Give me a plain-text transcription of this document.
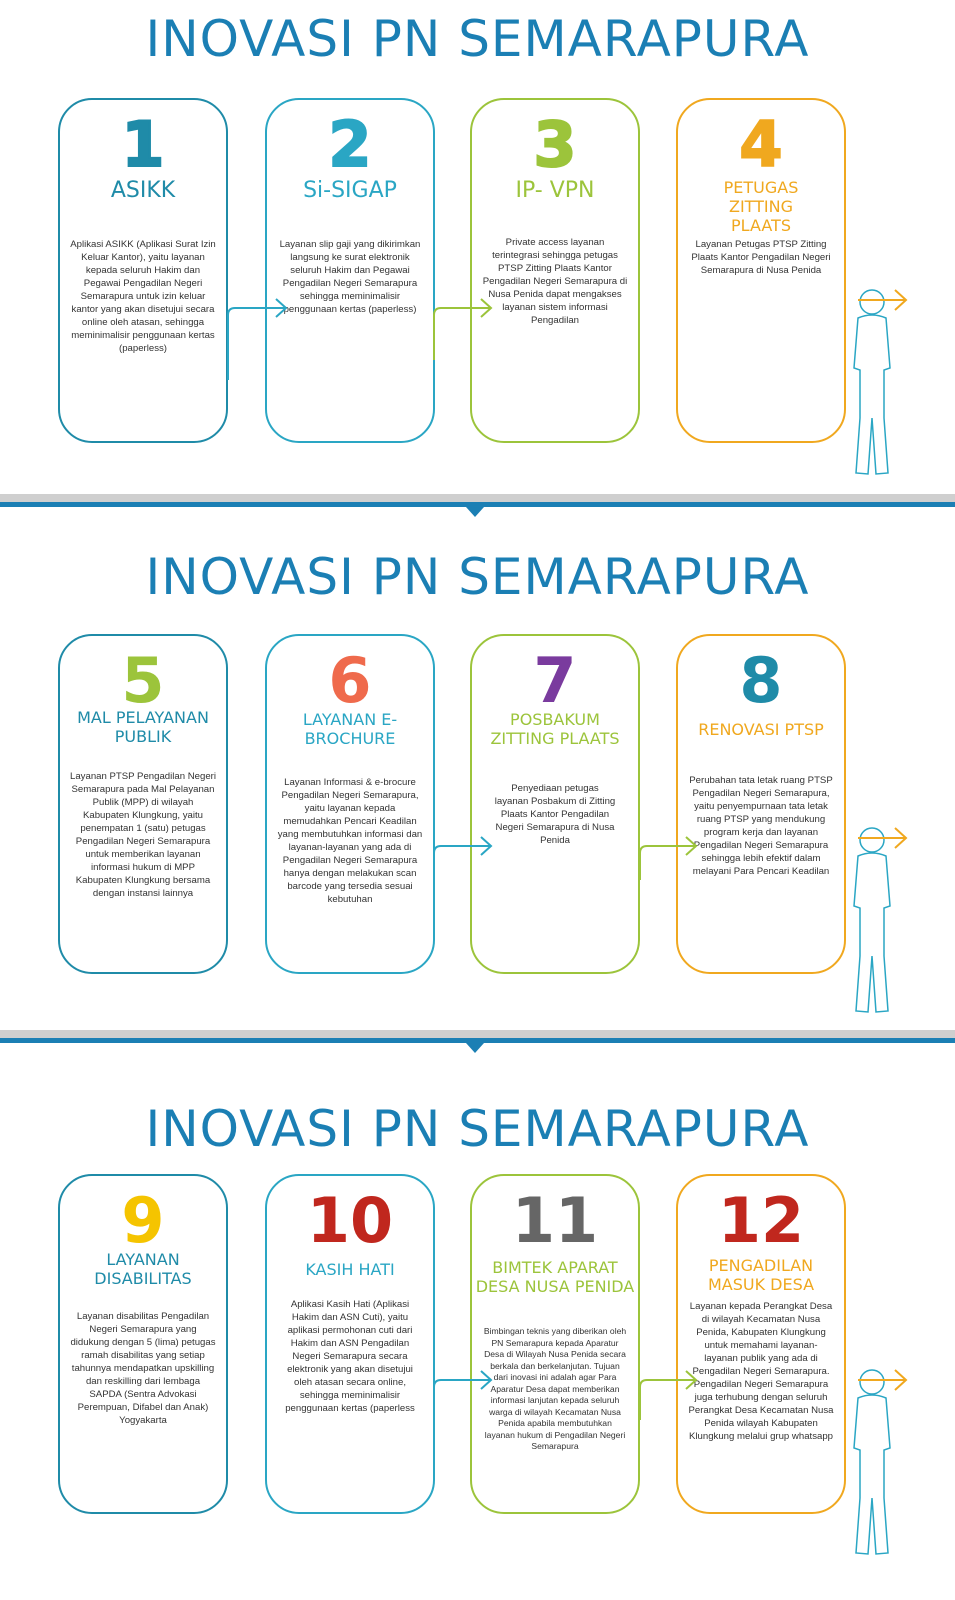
INOVASI PN SEMARAPURA
1
ASIKK
Aplikasi ASIKK (Aplikasi Surat Izin Keluar Kantor), yaitu layanan kepada seluruh Hakim dan Pegawai Pengadilan Negeri Semarapura untuk izin keluar kantor yang akan disetujui secara online oleh atasan, sehingga meminimalisir penggunaan kertas (paperless)
2
Si-SIGAP
Layanan slip gaji yang dikirimkan langsung ke surat elektronik seluruh Hakim dan Pegawai Pengadilan Negeri Semarapura sehingga meminimalisir penggunaan kertas (paperless)
3
IP- VPN
Private access layanan terintegrasi sehingga petugas PTSP Zitting Plaats Kantor Pengadilan Negeri Semarapura di Nusa Penida dapat mengakses layanan sistem informasi Pengadilan
4
PETUGAS ZITTING PLAATS
Layanan Petugas PTSP Zitting Plaats Kantor Pengadilan Negeri Semarapura di Nusa Penida
INOVASI PN SEMARAPURA
5
MAL PELAYANAN PUBLIK
Layanan PTSP Pengadilan Negeri Semarapura pada Mal Pelayanan Publik (MPP) di wilayah Kabupaten Klungkung, yaitu penempatan 1 (satu) petugas Pengadilan Negeri Semarapura untuk memberikan layanan informasi hukum di MPP Kabupaten Klungkung bersama dengan instansi lainnya
6
LAYANAN E-BROCHURE
Layanan Informasi & e-brocure Pengadilan Negeri Semarapura, yaitu layanan kepada memudahkan Pencari Keadilan yang membutuhkan informasi dan layanan-layanan yang ada di Pengadilan Negeri Semarapura hanya dengan melakukan scan barcode yang tersedia sesuai kebutuhan
7
POSBAKUM ZITTING PLAATS
Penyediaan petugas layanan Posbakum di Zitting Plaats Kantor Pengadilan Negeri Semarapura di Nusa Penida
8
RENOVASI PTSP
Perubahan tata letak ruang PTSP Pengadilan Negeri Semarapura, yaitu penyempurnaan tata letak ruang PTSP yang mendukung program kerja dan layanan Pengadilan Negeri Semarapura sehingga lebih efektif dalam melayani Para Pencari Keadilan
INOVASI PN SEMARAPURA
9
LAYANAN DISABILITAS
Layanan disabilitas Pengadilan Negeri Semarapura yang didukung dengan 5 (lima) petugas ramah disabilitas yang setiap tahunnya mendapatkan upskilling dan reskilling dari lembaga SAPDA (Sentra Advokasi Perempuan, Difabel dan Anak) Yogyakarta
10
KASIH HATI
Aplikasi Kasih Hati (Aplikasi Hakim dan ASN Cuti), yaitu aplikasi permohonan cuti dari Hakim dan ASN Pengadilan Negeri Semarapura secara elektronik yang akan disetujui oleh atasan secara online, sehingga meminimalisir penggunaan kertas (paperless
11
BIMTEK APARAT DESA NUSA PENIDA
Bimbingan teknis yang diberikan oleh PN Semarapura kepada Aparatur Desa di Wilayah Nusa Penida secara berkala dan berkelanjutan. Tujuan dari inovasi ini adalah agar Para Aparatur Desa dapat memberikan informasi lanjutan kepada seluruh warga di wilayah Kecamatan Nusa Penida apabila membutuhkan layanan hukum di Pengadilan Negeri Semarapura
12
PENGADILAN MASUK DESA
Layanan kepada Perangkat Desa di wilayah Kecamatan Nusa Penida, Kabupaten Klungkung untuk memahami layanan-layanan publik yang ada di Pengadilan Negeri Semarapura. Pengadilan Negeri Semarapura juga terhubung dengan seluruh Perangkat Desa Kecamatan Nusa Penida wilayah Kabupaten Klungkung melalui grup whatsapp
